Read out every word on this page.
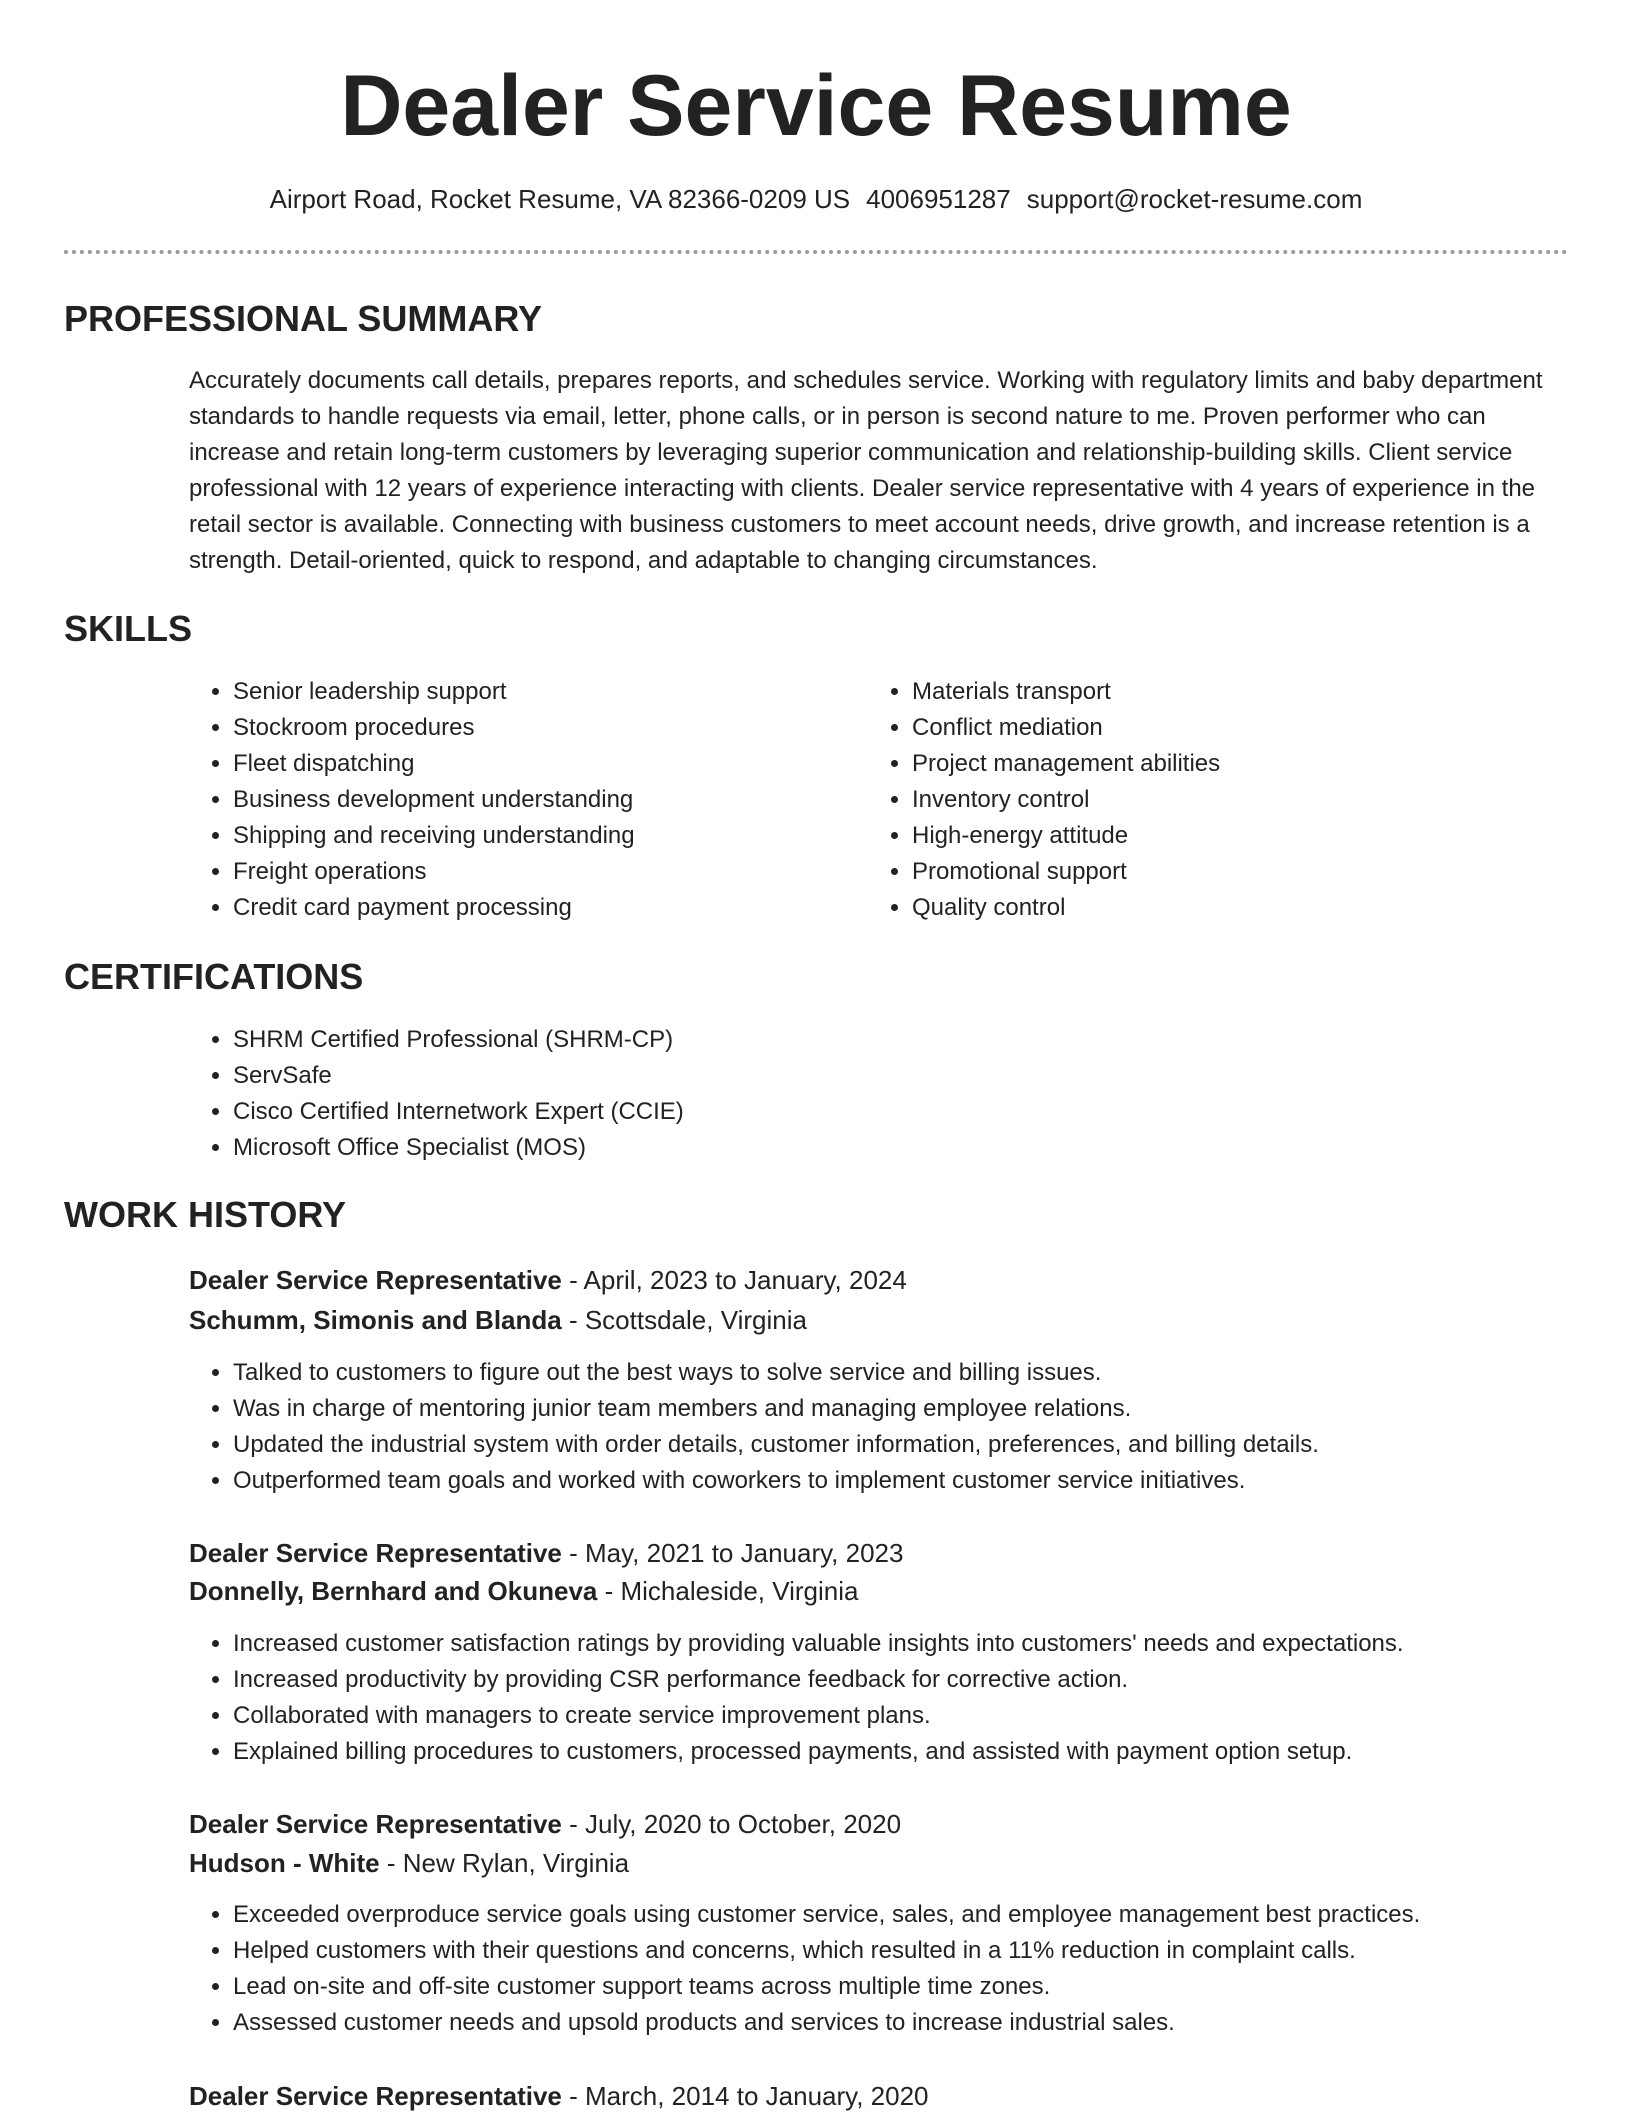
Dealer Service Resume
Airport Road, Rocket Resume, VA 82366-0209 US 4006951287 support@rocket-resume.com
PROFESSIONAL SUMMARY

Accurately documents call details, prepares reports, and schedules service. Working with regulatory limits and baby department standards to handle requests via email, letter, phone calls, or in person is second nature to me. Proven performer who can increase and retain long-term customers by leveraging superior communication and relationship-building skills. Client service professional with 12 years of experience interacting with clients. Dealer service representative with 4 years of experience in the retail sector is available. Connecting with business customers to meet account needs, drive growth, and increase retention is a strength. Detail-oriented, quick to respond, and adaptable to changing circumstances.

SKILLS
• Senior leadership support
• Stockroom procedures
• Fleet dispatching
• Business development understanding
• Shipping and receiving understanding
• Freight operations
• Credit card payment processing
• Materials transport
• Conflict mediation
• Project management abilities
• Inventory control
• High-energy attitude
• Promotional support
• Quality control
CERTIFICATIONS
• SHRM Certified Professional (SHRM-CP)
• ServSafe
• Cisco Certified Internetwork Expert (CCIE)
• Microsoft Office Specialist (MOS)
WORK HISTORY
Dealer Service Representative - April, 2023 to January, 2024
Schumm, Simonis and Blanda - Scottsdale, Virginia
• Talked to customers to figure out the best ways to solve service and billing issues.
• Was in charge of mentoring junior team members and managing employee relations.
• Updated the industrial system with order details, customer information, preferences, and billing details.
• Outperformed team goals and worked with coworkers to implement customer service initiatives.
Dealer Service Representative - May, 2021 to January, 2023
Donnelly, Bernhard and Okuneva - Michaleside, Virginia
• Increased customer satisfaction ratings by providing valuable insights into customers' needs and expectations.
• Increased productivity by providing CSR performance feedback for corrective action.
• Collaborated with managers to create service improvement plans.
• Explained billing procedures to customers, processed payments, and assisted with payment option setup.
Dealer Service Representative - July, 2020 to October, 2020
Hudson - White - New Rylan, Virginia
• Exceeded overproduce service goals using customer service, sales, and employee management best practices.
• Helped customers with their questions and concerns, which resulted in a 11% reduction in complaint calls.
• Lead on-site and off-site customer support teams across multiple time zones.
• Assessed customer needs and upsold products and services to increase industrial sales.
Dealer Service Representative - March, 2014 to January, 2020
